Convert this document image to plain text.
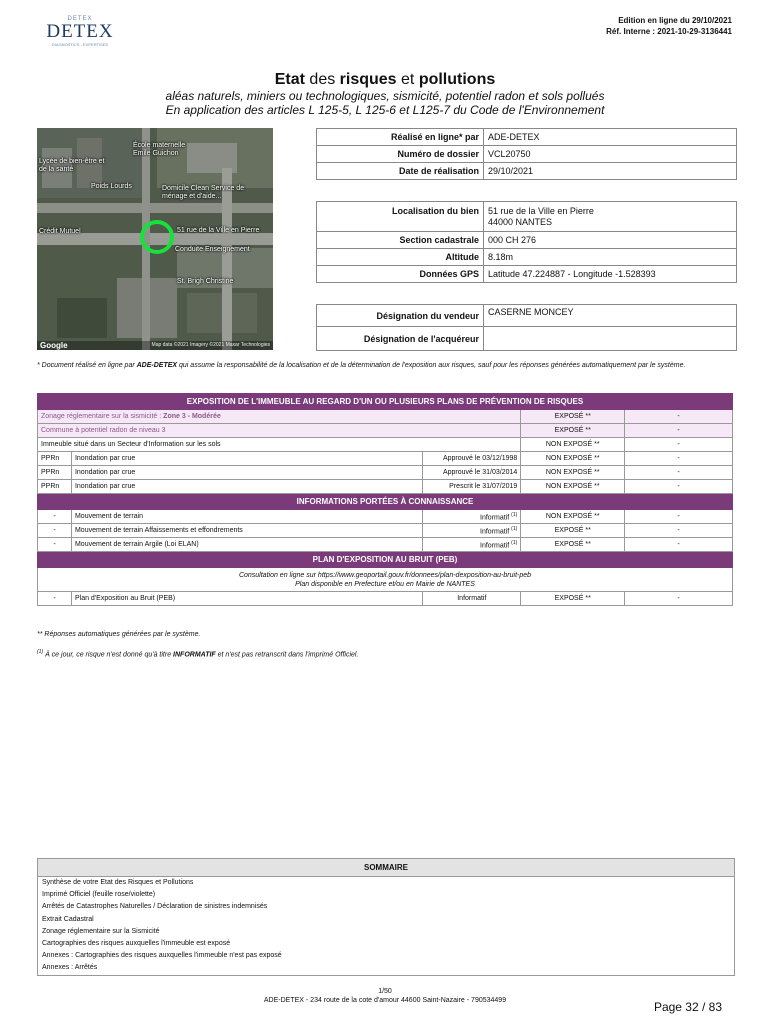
DETEX
DETEX
DIAGNOSTICS - EXPERTISES
Edition en ligne du 29/10/2021
Réf. Interne : 2021-10-29-3136441
Etat des risques et pollutions
aléas naturels, miniers ou technologiques, sismicité, potentiel radon et sols pollués
En application des articles L 125-5, L 125-6 et L125-7 du Code de l'Environnement
École maternelle Emile Guichon
Lycée de bien-être et de la santé
Poids Lourds	Domicile Clean Service de ménage et d'aide...
Crédit Mutuel	51 rue de la Ville en Pierre
Conduite Enseignement
St. Brigh Christine
Google	Map data ©2021 Imagery ©2021 Maxar Technologies
Réalisé en ligne* par	ADE-DETEX
Numéro de dossier	VCL20750
Date de réalisation	29/10/2021
Localisation du bien	51 rue de la Ville en Pierre
44000 NANTES

Section cadastrale	000 CH 276
Altitude	8.18m
Données GPS	Latitude 47.224887 - Longitude -1.528393
Désignation du vendeur	CASERNE MONCEY
Désignation de l'acquéreur	
* Document réalisé en ligne par ADE-DETEX qui assume la responsabilité de la localisation et de la détermination de l'exposition aux risques, sauf pour les réponses générées automatiquement par le système.
EXPOSITION DE L'IMMEUBLE AU REGARD D'UN OU PLUSIEURS PLANS DE PRÉVENTION DE RISQUES				
Zonage réglementaire sur la sismicité : Zone 3 - Modérée			EXPOSÉ **	-
Commune à potentiel radon de niveau 3			EXPOSÉ **	-
Immeuble situé dans un Secteur d'Information sur les sols			NON EXPOSÉ **	-
PPRn	Inondation par crue	Approuvé le 03/12/1998	NON EXPOSÉ **	-
PPRn	Inondation par crue	Approuvé le 31/03/2014	NON EXPOSÉ **	-
PPRn	Inondation par crue	Prescrit le 31/07/2019	NON EXPOSÉ **	-
INFORMATIONS PORTÉES À CONNAISSANCE				
-	Mouvement de terrain	Informatif $^{(1)}$	NON EXPOSÉ **	-
-	Mouvement de terrain Affaissements et effondrements	Informatif $^{(1)}$	EXPOSÉ **	-
-	Mouvement de terrain Argile (Loi ELAN)	Informatif $^{(1)}$	EXPOSÉ **	-
PLAN D'EXPOSITION AU BRUIT (PEB)				

Consultation en ligne sur https://www.geoportail.gouv.fr/donnees/plan-dexposition-au-bruit-peb
Plan disponible en Prefecture et/ou en Mairie de NANTES				

-	Plan d'Exposition au Bruit (PEB)	Informatif	EXPOSÉ **	-
** Réponses automatiques générées par le système.
$^{(1)}$ À ce jour, ce risque n'est donné qu'à titre INFORMATIF et n'est pas retranscrit dans l'imprimé Officiel.
SOMMAIRE
Synthèse de votre Etat des Risques et Pollutions
Imprimé Officiel (feuille rose/violette)
Arrêtés de Catastrophes Naturelles / Déclaration de sinistres indemnisés
Extrait Cadastral
Zonage réglementaire sur la Sismicité
Cartographies des risques auxquelles l'immeuble est exposé
Annexes : Cartographies des risques auxquelles l'immeuble n'est pas exposé
Annexes : Arrêtés
1/50
ADE-DETEX - 234 route de la cote d'amour 44600 Saint-Nazaire - 790534499	Page 32 / 83
